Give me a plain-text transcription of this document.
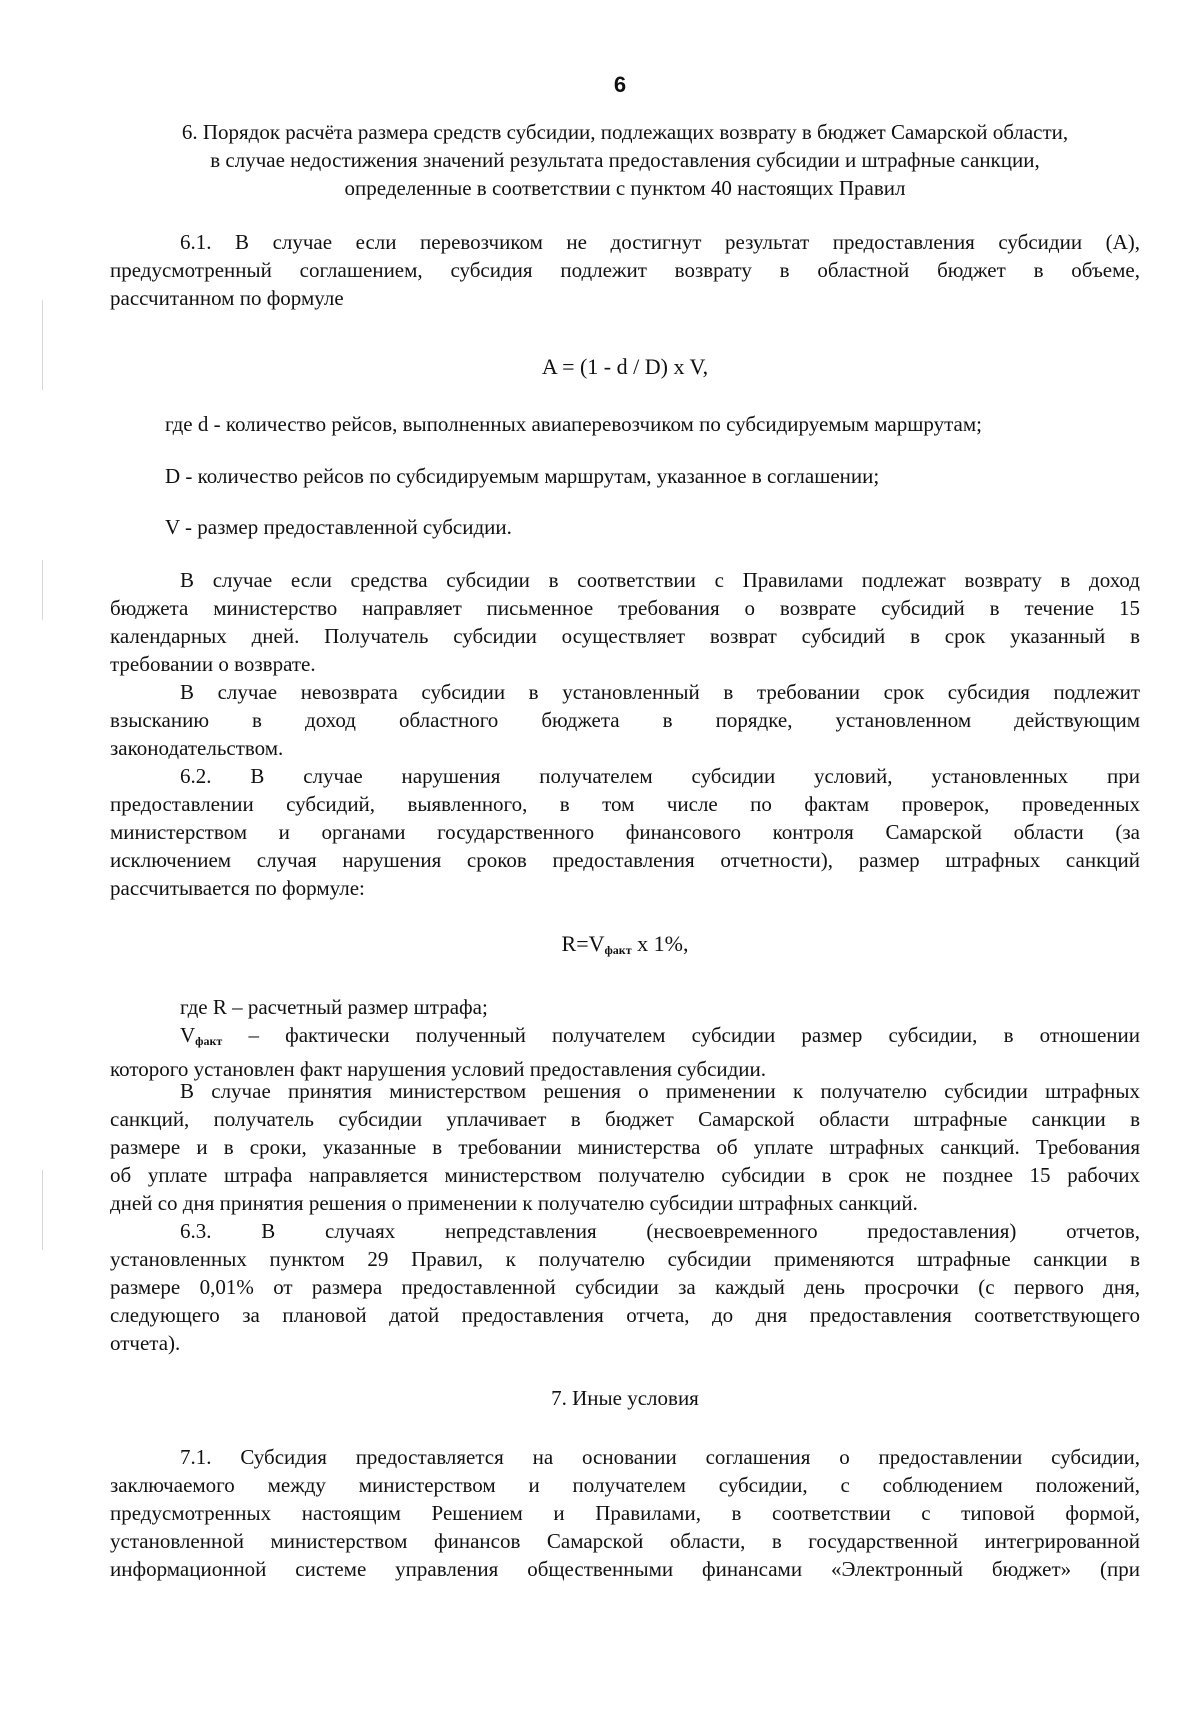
6
6. Порядок расчёта размера средств субсидии, подлежащих возврату в бюджет Самарской области,
в случае недостижения значений результата предоставления субсидии и штрафные санкции,
определенные в соответствии с пунктом 40 настоящих Правил
6.1. В случае если перевозчиком не достигнут результат предоставления субсидии (А),
предусмотренный соглашением, субсидия подлежит возврату в областной бюджет в объеме,
рассчитанном по формуле
A = (1 - d / D) x V,
где d - количество рейсов, выполненных авиаперевозчиком по субсидируемым маршрутам;
D - количество рейсов по субсидируемым маршрутам, указанное в соглашении;
V - размер предоставленной субсидии.
В случае если средства субсидии в соответствии с Правилами подлежат возврату в доход
бюджета министерство направляет письменное требования о возврате субсидий в течение 15
календарных дней. Получатель субсидии осуществляет возврат субсидий в срок указанный в
требовании о возврате.
В случае невозврата субсидии в установленный в требовании срок субсидия подлежит
взысканию в доход областного бюджета в порядке, установленном действующим
законодательством.
6.2. В случае нарушения получателем субсидии условий, установленных при
предоставлении субсидий, выявленного, в том числе по фактам проверок, проведенных
министерством и органами государственного финансового контроля Самарской области (за
исключением случая нарушения сроков предоставления отчетности), размер штрафных санкций
рассчитывается по формуле:
$R=V_{факт}$ x 1%,
где R – расчетный размер штрафа;
$V_{факт}$ – фактически полученный получателем субсидии размер субсидии, в отношении
которого установлен факт нарушения условий предоставления субсидии.
В случае принятия министерством решения о применении к получателю субсидии штрафных
санкций, получатель субсидии уплачивает в бюджет Самарской области штрафные санкции в
размере и в сроки, указанные в требовании министерства об уплате штрафных санкций. Требования
об уплате штрафа направляется министерством получателю субсидии в срок не позднее 15 рабочих
дней со дня принятия решения о применении к получателю субсидии штрафных санкций.
6.3. В случаях непредставления (несвоевременного предоставления) отчетов,
установленных пунктом 29 Правил, к получателю субсидии применяются штрафные санкции в
размере 0,01% от размера предоставленной субсидии за каждый день просрочки (с первого дня,
следующего за плановой датой предоставления отчета, до дня предоставления соответствующего
отчета).
7. Иные условия
7.1. Субсидия предоставляется на основании соглашения о предоставлении субсидии,
заключаемого между министерством и получателем субсидии, с соблюдением положений,
предусмотренных настоящим Решением и Правилами, в соответствии с типовой формой,
установленной министерством финансов Самарской области, в государственной интегрированной
информационной системе управления общественными финансами «Электронный бюджет» (при
